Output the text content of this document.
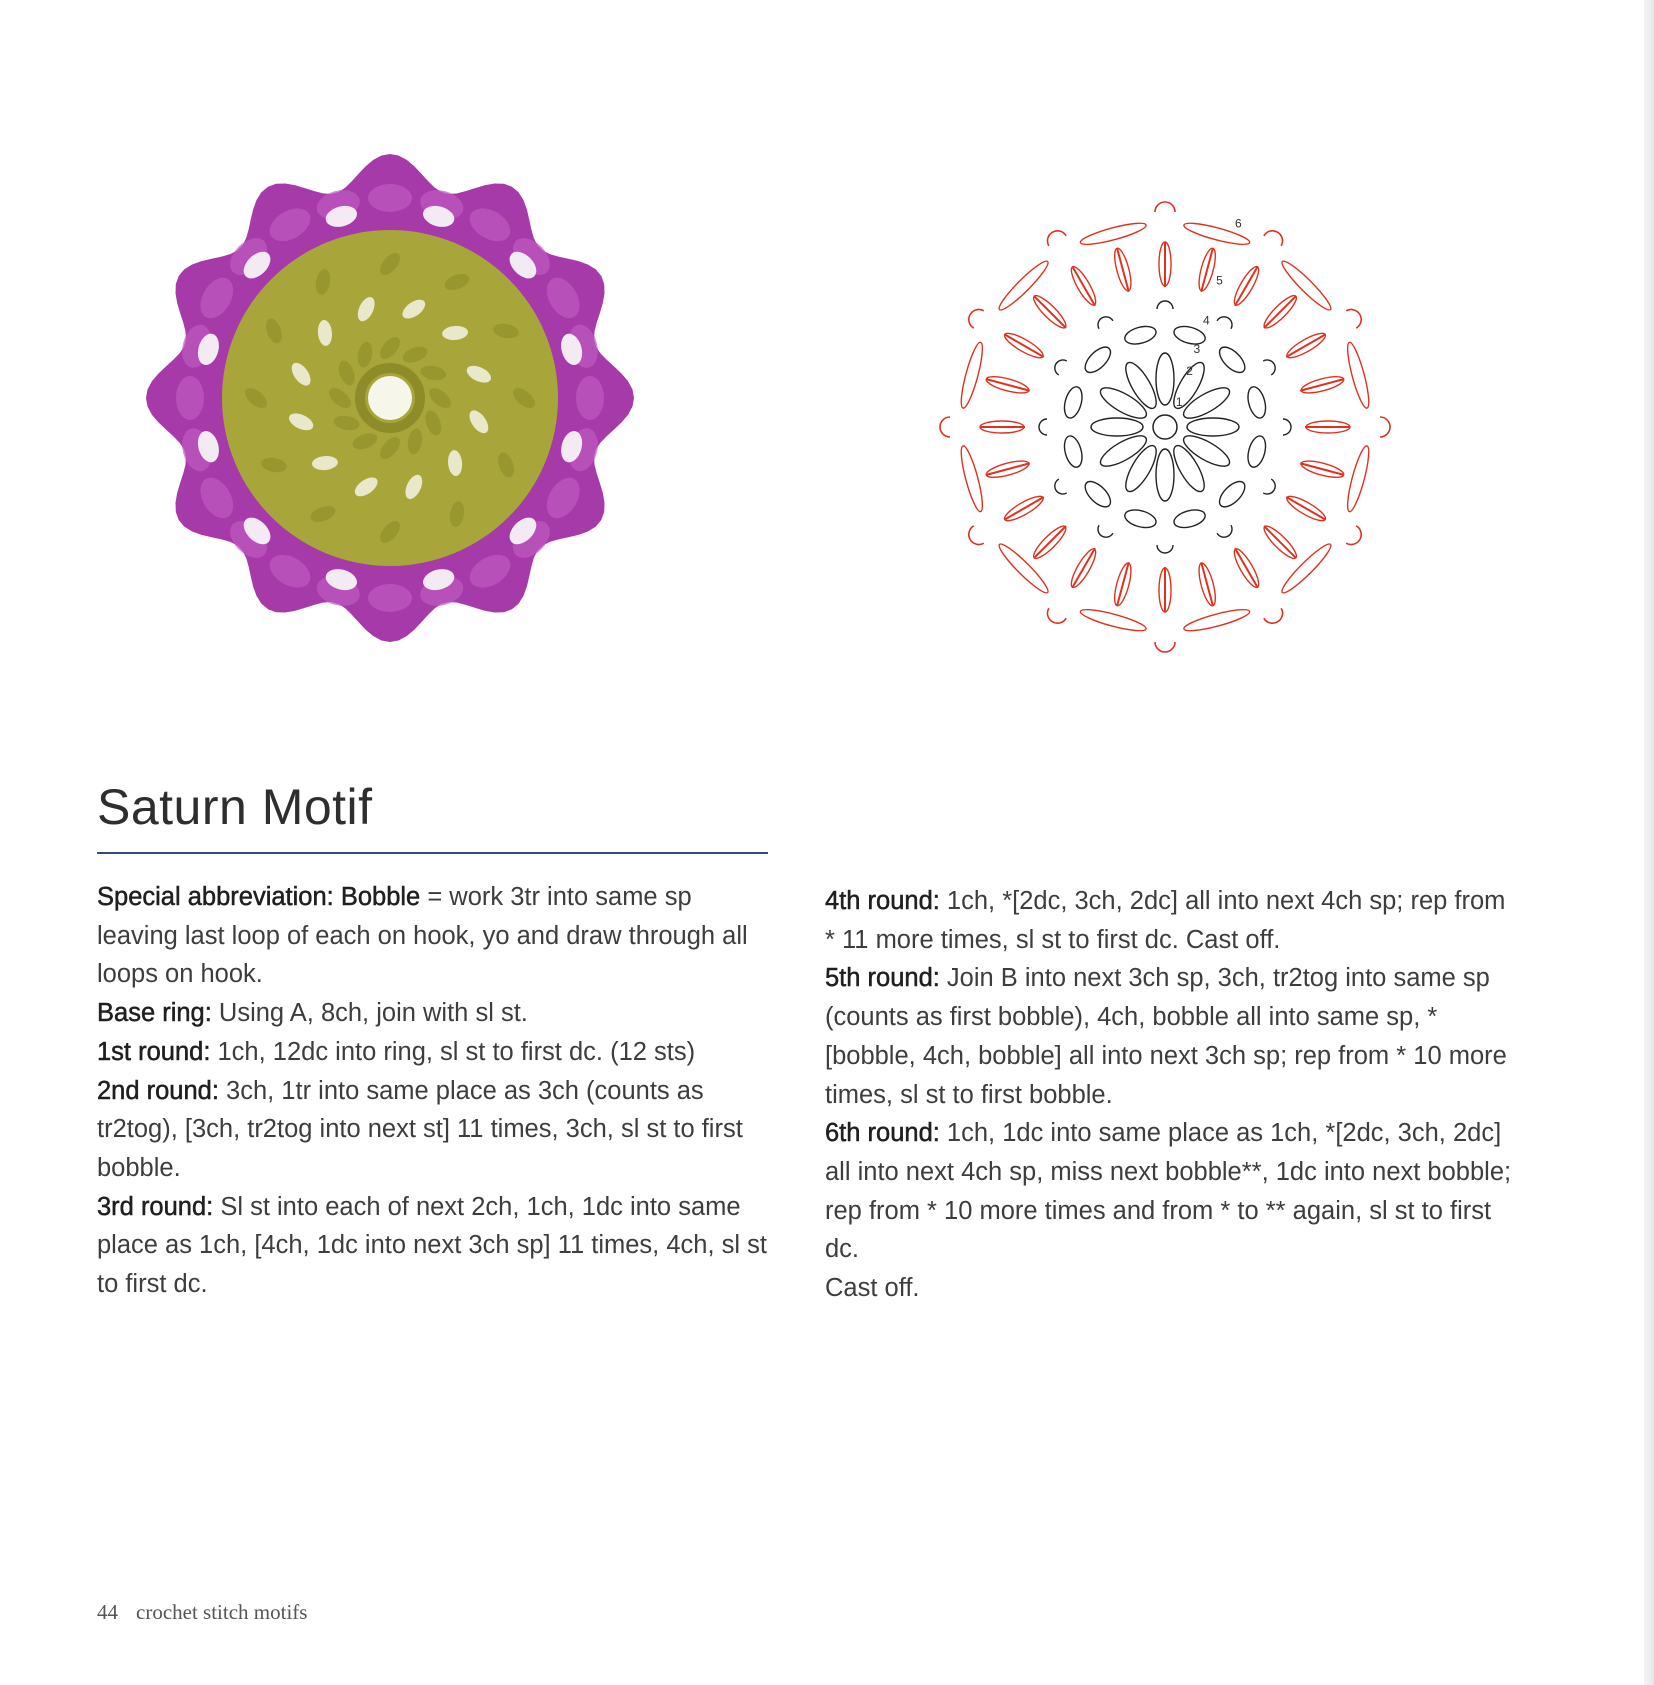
1
2
3
4
5
6
Saturn Motif

Special abbreviation: Bobble = work 3tr into same sp leaving last loop of each on hook, yo and draw through all loops on hook.

Base ring: Using A, 8ch, join with sl st.

1st round: 1ch, 12dc into ring, sl st to first dc. (12 sts)

2nd round: 3ch, 1tr into same place as 3ch (counts as tr2tog), [3ch, tr2tog into next st] 11 times, 3ch, sl st to first bobble.

3rd round: Sl st into each of next 2ch, 1ch, 1dc into same place as 1ch, [4ch, 1dc into next 3ch sp] 11 times, 4ch, sl st to first dc.

4th round: 1ch, *[2dc, 3ch, 2dc] all into next 4ch sp; rep from * 11 more times, sl st to first dc. Cast off.

5th round: Join B into next 3ch sp, 3ch, tr2tog into same sp (counts as first bobble), 4ch, bobble all into same sp, *[bobble, 4ch, bobble] all into next 3ch sp; rep from * 10 more times, sl st to first bobble.

6th round: 1ch, 1dc into same place as 1ch, *[2dc, 3ch, 2dc] all into next 4ch sp, miss next bobble**, 1dc into next bobble; rep from * 10 more times and from * to ** again, sl st to first dc.

Cast off.

44 crochet stitch motifs
